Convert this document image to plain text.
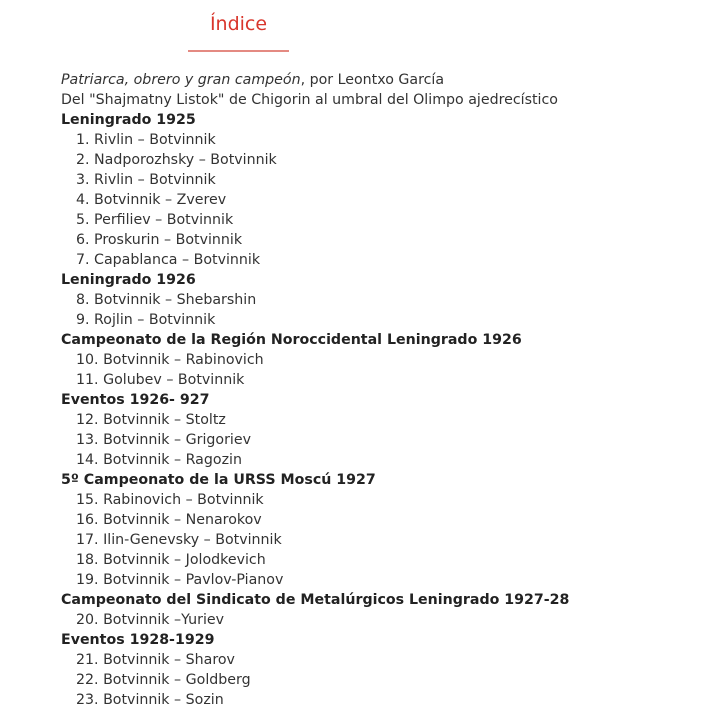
Índice
Patriarca, obrero y gran campeón, por Leontxo García
Del "Shajmatny Listok" de Chigorin al umbral del Olimpo ajedrecístico
Leningrado 1925
1. Rivlin – Botvinnik
2. Nadporozhsky – Botvinnik
3. Rivlin – Botvinnik
4. Botvinnik – Zverev
5. Perfiliev – Botvinnik
6. Proskurin – Botvinnik
7. Capablanca – Botvinnik
Leningrado 1926
8. Botvinnik – Shebarshin
9. Rojlin – Botvinnik
Campeonato de la Región Noroccidental Leningrado 1926
10. Botvinnik – Rabinovich
11. Golubev – Botvinnik
Eventos 1926- 927
12. Botvinnik – Stoltz
13. Botvinnik – Grigoriev
14. Botvinnik – Ragozin
5º Campeonato de la URSS Moscú 1927
15. Rabinovich – Botvinnik
16. Botvinnik – Nenarokov
17. Ilin-Genevsky – Botvinnik
18. Botvinnik – Jolodkevich
19. Botvinnik – Pavlov-Pianov
Campeonato del Sindicato de Metalúrgicos Leningrado 1927-28
20. Botvinnik –Yuriev
Eventos 1928-1929
21. Botvinnik – Sharov
22. Botvinnik – Goldberg
23. Botvinnik – Sozin
